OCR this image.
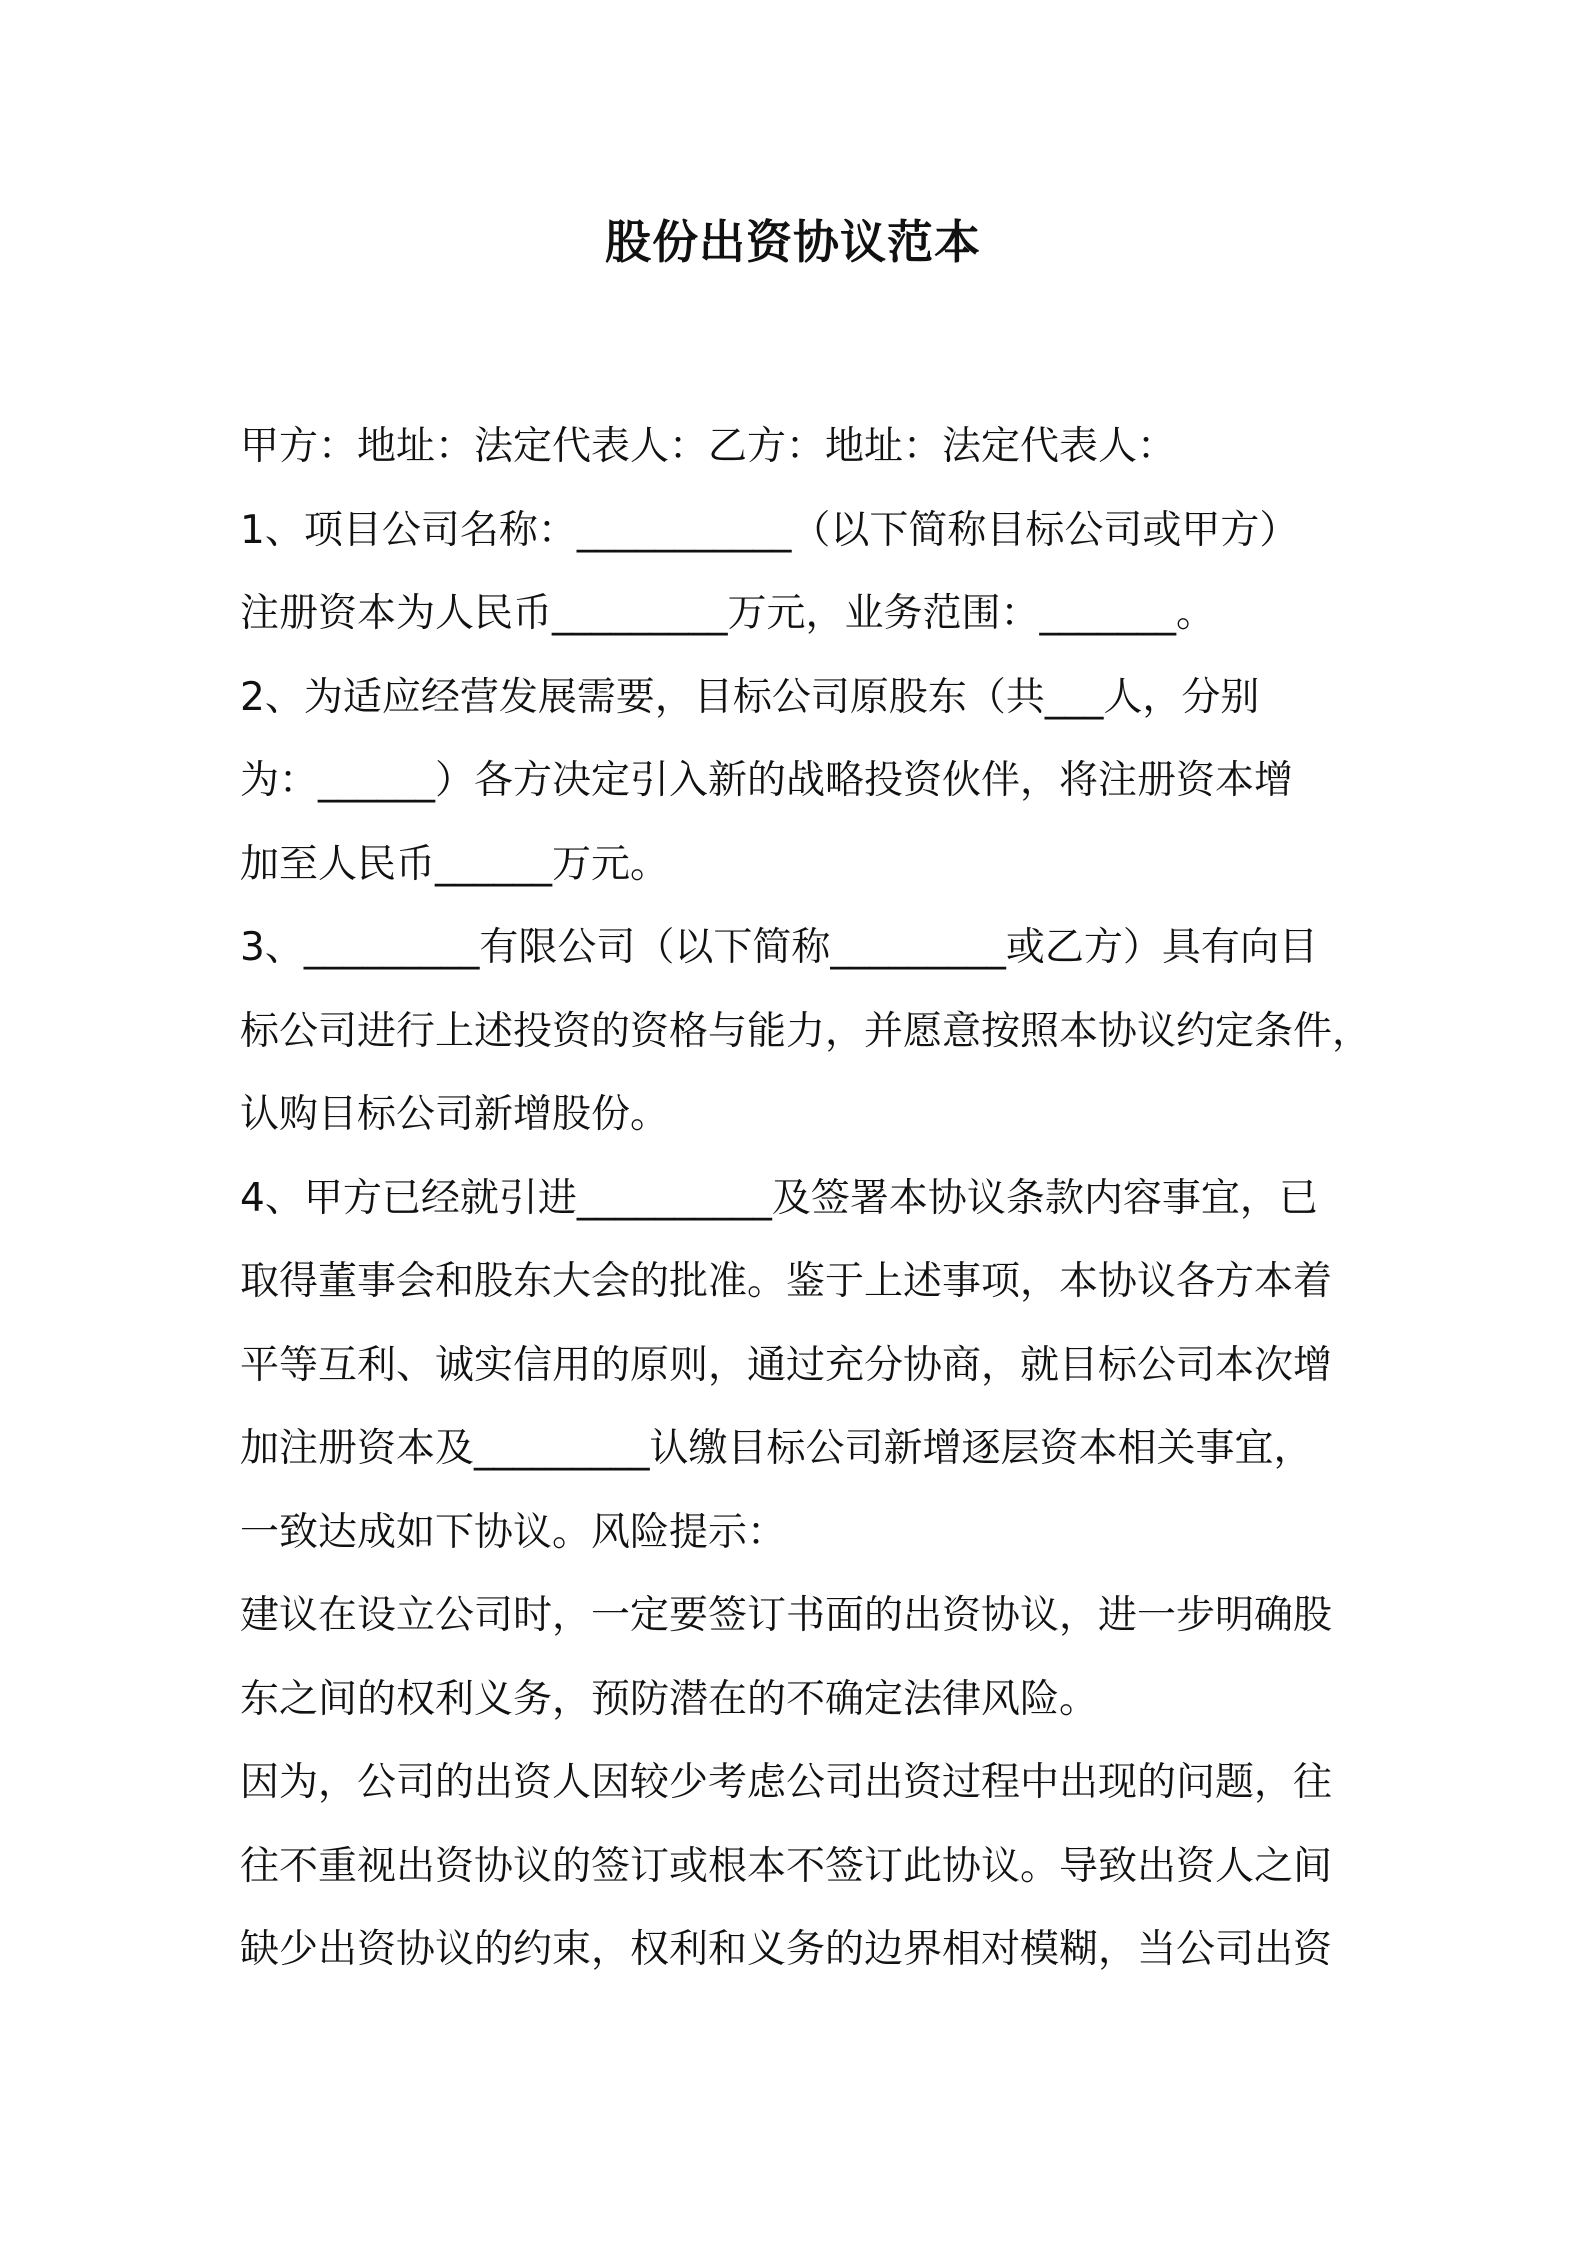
股份出资协议范本
甲方：地址：法定代表人：乙方：地址：法定代表人：
1、项目公司名称：___________（以下简称目标公司或甲方）
注册资本为人民币_________万元，业务范围：_______。
2、为适应经营发展需要，目标公司原股东（共___人，分别
为：______）各方决定引入新的战略投资伙伴，将注册资本增
加至人民币______万元。
3、_________有限公司（以下简称_________或乙方）具有向目
标公司进行上述投资的资格与能力，并愿意按照本协议约定条件，
认购目标公司新增股份。
4、甲方已经就引进__________及签署本协议条款内容事宜，已
取得董事会和股东大会的批准。鉴于上述事项，本协议各方本着
平等互利、诚实信用的原则，通过充分协商，就目标公司本次增
加注册资本及_________认缴目标公司新增逐层资本相关事宜，
一致达成如下协议。风险提示：
建议在设立公司时，一定要签订书面的出资协议，进一步明确股
东之间的权利义务，预防潜在的不确定法律风险。
因为，公司的出资人因较少考虑公司出资过程中出现的问题，往
往不重视出资协议的签订或根本不签订此协议。导致出资人之间
缺少出资协议的约束，权利和义务的边界相对模糊，当公司出资
